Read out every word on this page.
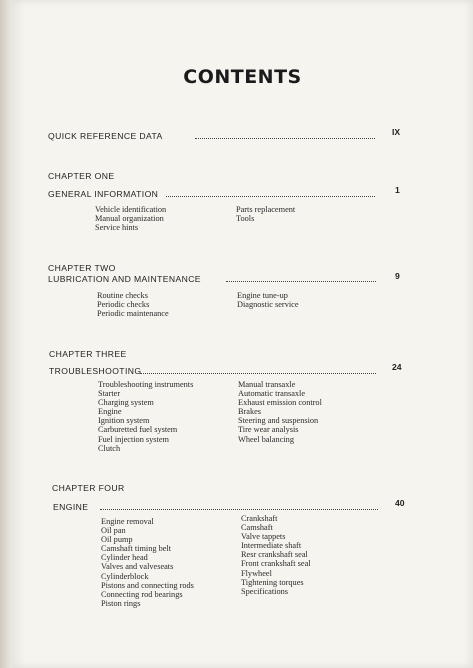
CONTENTS
QUICK REFERENCE DATA	IX
CHAPTER ONE
GENERAL INFORMATION	1
Vehicle identification
Manual organization
Service hints
Parts replacement
Tools
CHAPTER TWO
LUBRICATION AND MAINTENANCE	9
Routine checks
Periodic checks
Periodic maintenance
Engine tune-up
Diagnostic service
CHAPTER THREE
TROUBLESHOOTING	24
Troubleshooting instruments
Starter
Charging system
Engine
Ignition system
Carburetted fuel system
Fuel injection system
Clutch
Manual transaxle
Automatic transaxle
Exhaust emission control
Brakes
Steering and suspension
Tire wear analysis
Wheel balancing
CHAPTER FOUR
ENGINE	40
Engine removal
Oil pan
Oil pump
Camshaft timing belt
Cylinder head
Valves and valveseats
Cylinderblock
Pistons and connecting rods
Connecting rod bearings
Piston rings
Crankshaft
Camshaft
Valve tappets
Intermediate shaft
Resr crankshaft seal
Front crankshaft seal
Flywheel
Tightening torques
Specifications
